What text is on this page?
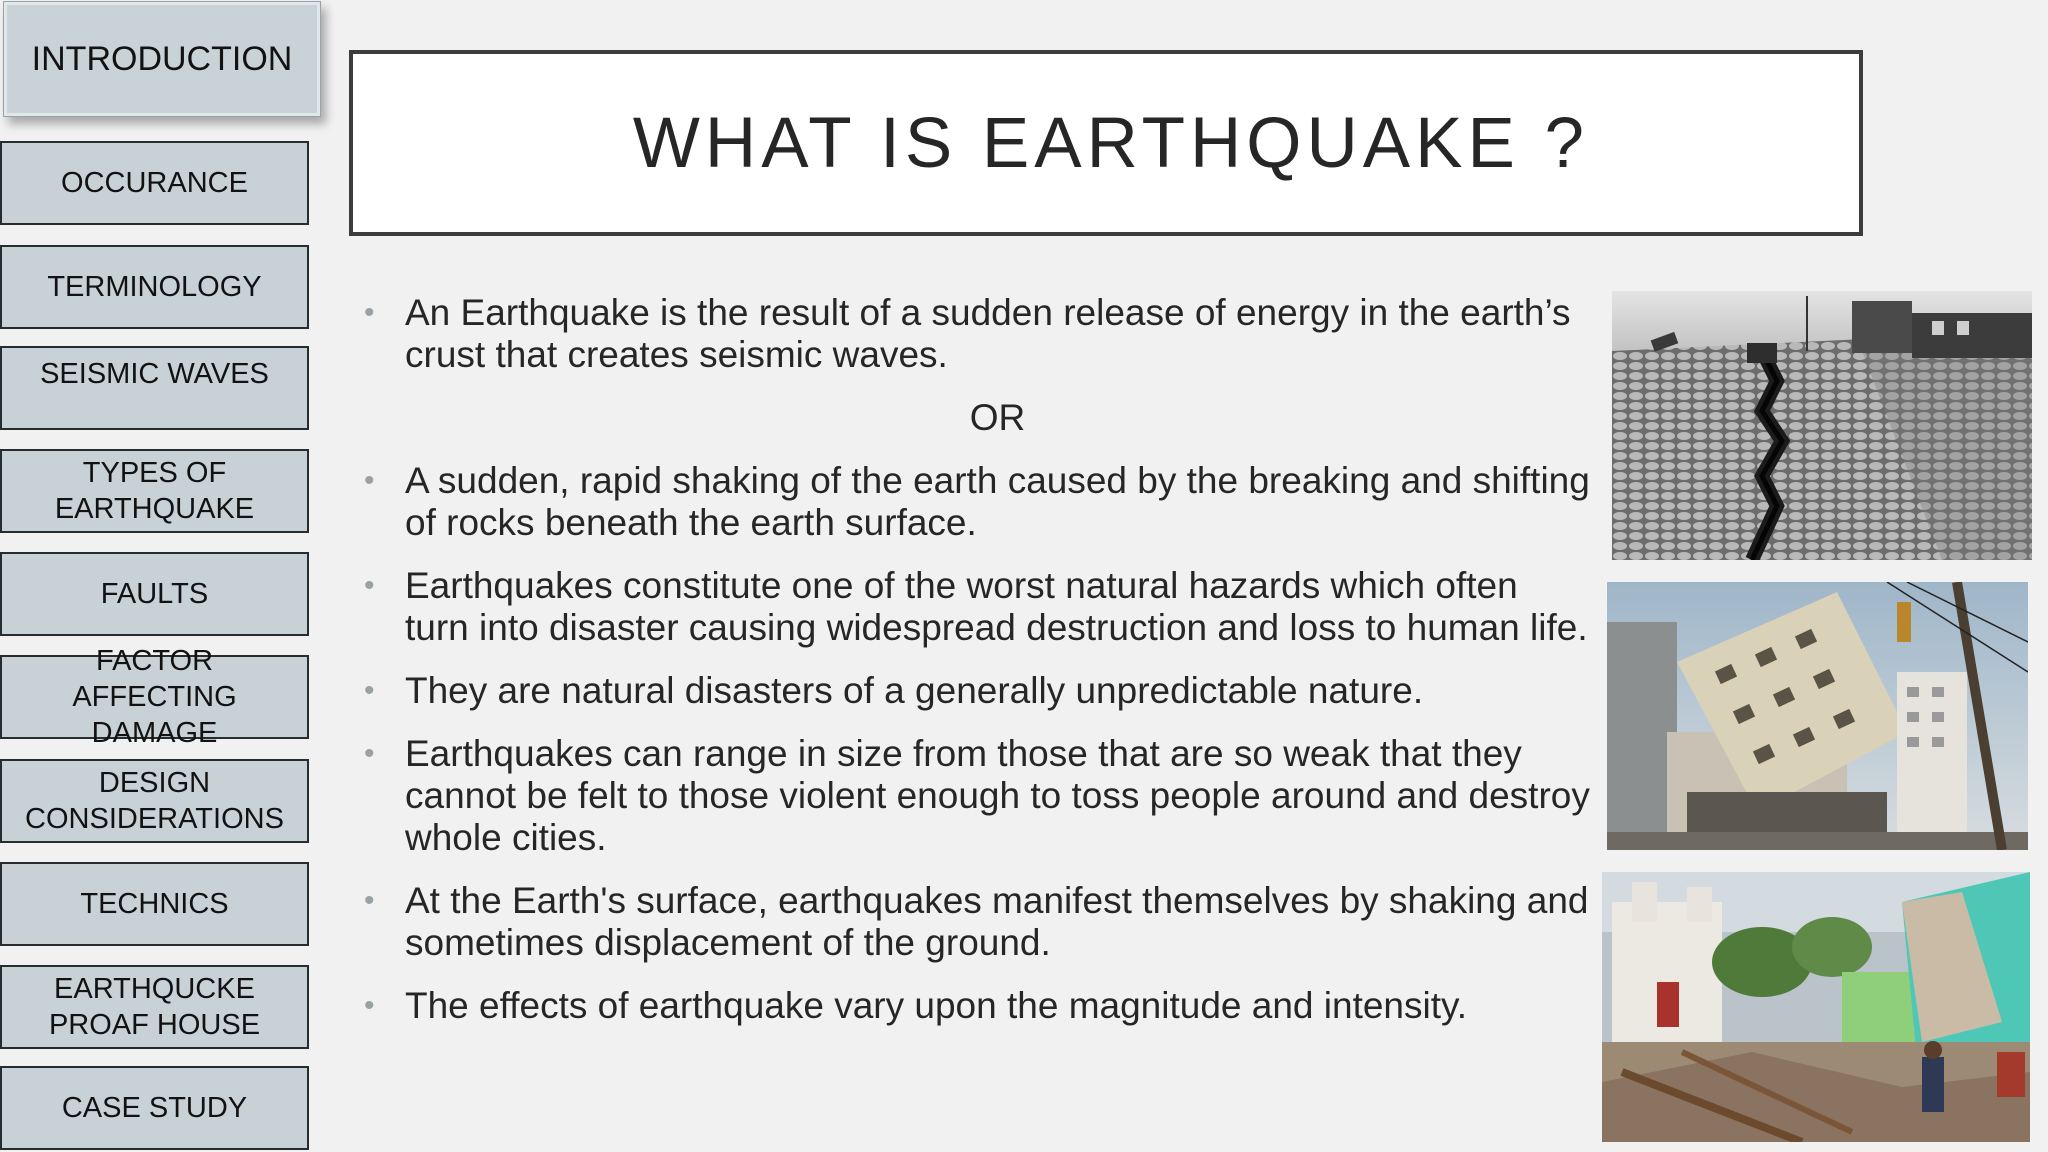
INTRODUCTION
OCCURANCE
TERMINOLOGY
SEISMIC WAVES
TYPES OF
EARTHQUAKE
FAULTS
FACTOR
AFFECTING
DAMAGE
DESIGN
CONSIDERATIONS
TECHNICS
EARTHQUCKE
PROAF HOUSE
CASE STUDY
WHAT IS EARTHQUAKE ?

• An Earthquake is the result of a sudden release of energy in the earth’s crust that creates seismic waves.

OR

• A sudden, rapid shaking of the earth caused by the breaking and shifting of rocks beneath the earth surface.

• Earthquakes constitute one of the worst natural hazards which often turn into disaster causing widespread destruction and loss to human life.

• They are natural disasters of a generally unpredictable nature.

• Earthquakes can range in size from those that are so weak that they cannot be felt to those violent enough to toss people around and destroy whole cities.

• At the Earth's surface, earthquakes manifest themselves by shaking and sometimes displacement of the ground.

• The effects of earthquake vary upon the magnitude and intensity.
